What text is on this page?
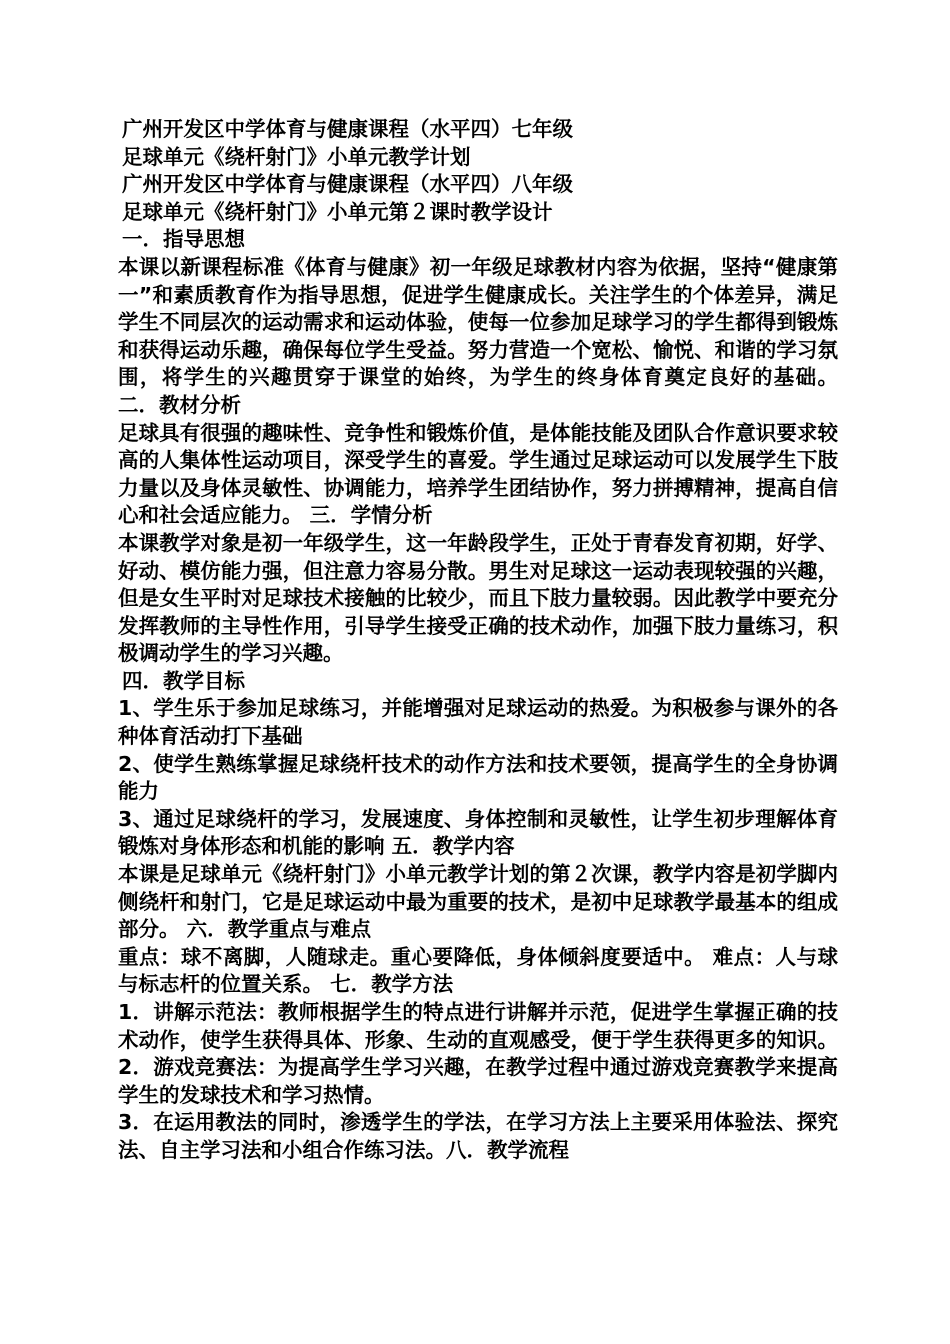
广州开发区中学体育与健康课程（水平四）七年级
足球单元《绕杆射门》小单元教学计划
广州开发区中学体育与健康课程（水平四）八年级
足球单元《绕杆射门》小单元第２课时教学设计
一．指导思想
本课以新课程标准《体育与健康》初一年级足球教材内容为依据，坚持“健康第一”和素质教育作为指导思想，促进学生健康成长。关注学生的个体差异，满足学生不同层次的运动需求和运动体验，使每一位参加足球学习的学生都得到锻炼和获得运动乐趣，确保每位学生受益。努力营造一个宽松、愉悦、和谐的学习氛围，将学生的兴趣贯穿于课堂的始终，为学生的终身体育奠定良好的基础。 二．教材分析
足球具有很强的趣味性、竞争性和锻炼价值，是体能技能及团队合作意识要求较高的人集体性运动项目，深受学生的喜爱。学生通过足球运动可以发展学生下肢力量以及身体灵敏性、协调能力，培养学生团结协作，努力拼搏精神，提高自信心和社会适应能力。 三．学情分析
本课教学对象是初一年级学生，这一年龄段学生，正处于青春发育初期，好学、好动、模仿能力强，但注意力容易分散。男生对足球这一运动表现较强的兴趣，但是女生平时对足球技术接触的比较少，而且下肢力量较弱。因此教学中要充分发挥教师的主导性作用，引导学生接受正确的技术动作，加强下肢力量练习，积极调动学生的学习兴趣。
四．教学目标
1、学生乐于参加足球练习，并能增强对足球运动的热爱。为积极参与课外的各种体育活动打下基础
2、使学生熟练掌握足球绕杆技术的动作方法和技术要领，提高学生的全身协调能力
3、通过足球绕杆的学习，发展速度、身体控制和灵敏性，让学生初步理解体育锻炼对身体形态和机能的影响 五．教学内容
本课是足球单元《绕杆射门》小单元教学计划的第２次课，教学内容是初学脚内侧绕杆和射门，它是足球运动中最为重要的技术，是初中足球教学最基本的组成部分。 六．教学重点与难点
重点：球不离脚，人随球走。重心要降低，身体倾斜度要适中。 难点：人与球与标志杆的位置关系。 七．教学方法
1．讲解示范法：教师根据学生的特点进行讲解并示范，促进学生掌握正确的技术动作，使学生获得具体、形象、生动的直观感受，便于学生获得更多的知识。 2．游戏竞赛法：为提高学生学习兴趣，在教学过程中通过游戏竞赛教学来提高学生的发球技术和学习热情。
3．在运用教法的同时，渗透学生的学法，在学习方法上主要采用体验法、探究法、自主学习法和小组合作练习法。八．教学流程
